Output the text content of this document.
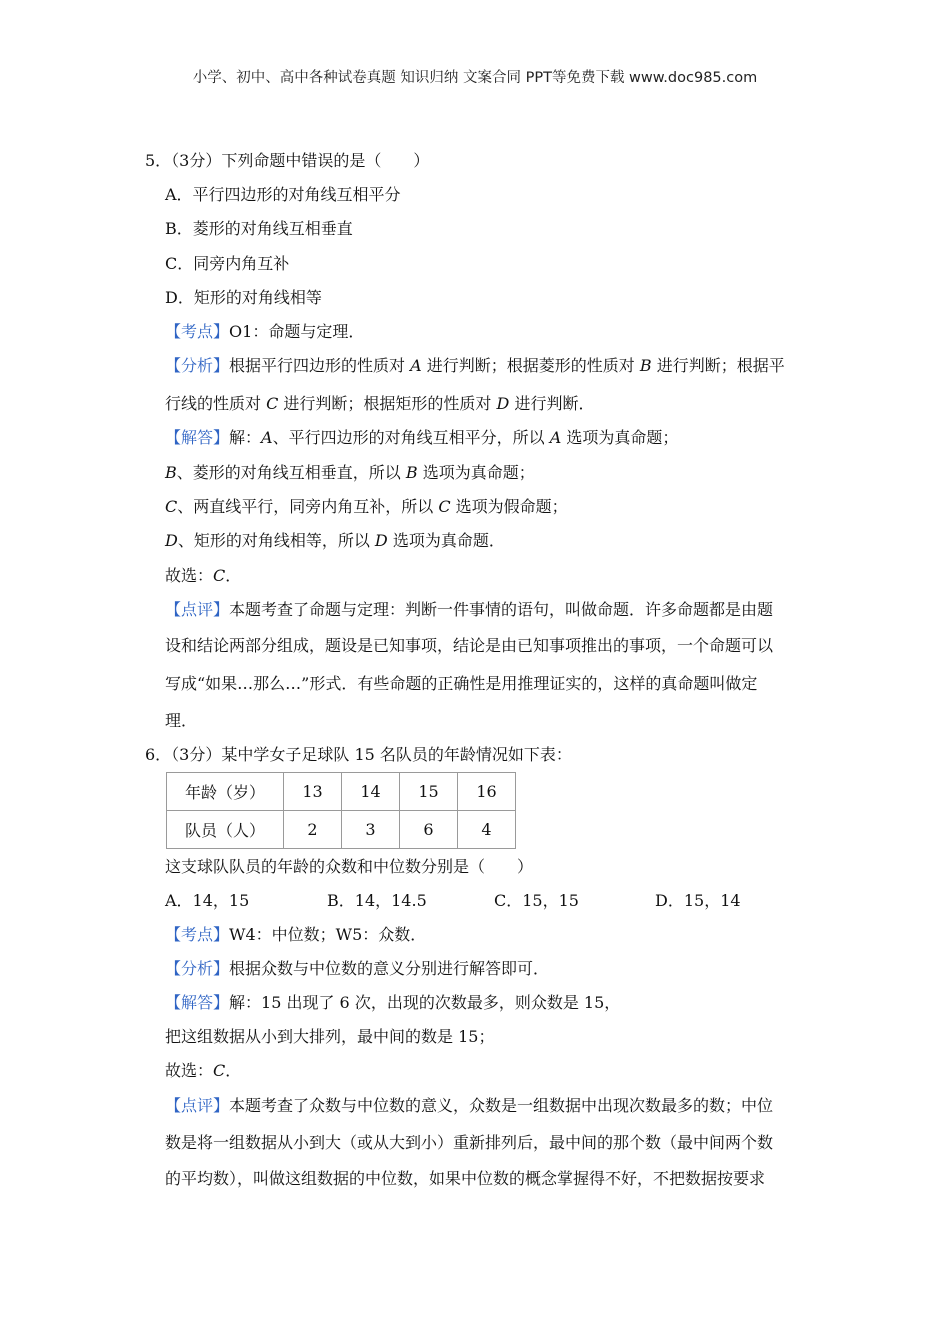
小学、初中、高中各种试卷真题 知识归纳 文案合同 PPT等免费下载 www.doc985.com
5．（3分）下列命题中错误的是（　　）
A．平行四边形的对角线互相平分
B．菱形的对角线互相垂直
C．同旁内角互补
D．矩形的对角线相等
【考点】O1：命题与定理．
【分析】根据平行四边形的性质对 A 进行判断；根据菱形的性质对 B 进行判断；根据平
行线的性质对 C 进行判断；根据矩形的性质对 D 进行判断．
【解答】解：A、平行四边形的对角线互相平分，所以 A 选项为真命题；
B、菱形的对角线互相垂直，所以 B 选项为真命题；
C、两直线平行，同旁内角互补，所以 C 选项为假命题；
D、矩形的对角线相等，所以 D 选项为真命题．
故选：C．
【点评】本题考查了命题与定理：判断一件事情的语句，叫做命题．许多命题都是由题
设和结论两部分组成，题设是已知事项，结论是由已知事项推出的事项，一个命题可以
写成“如果…那么…”形式．有些命题的正确性是用推理证实的，这样的真命题叫做定
理．
6．（3分）某中学女子足球队 15 名队员的年龄情况如下表：
年龄（岁）	13	14	15	16
队员（人）	2	3	6	4
这支球队队员的年龄的众数和中位数分别是（　　）
A．14，15	B．14，14.5	C．15，15	D．15，14
【考点】W4：中位数；W5：众数．
【分析】根据众数与中位数的意义分别进行解答即可．
【解答】解：15 出现了 6 次，出现的次数最多，则众数是 15，
把这组数据从小到大排列，最中间的数是 15；
故选：C．
【点评】本题考查了众数与中位数的意义，众数是一组数据中出现次数最多的数；中位
数是将一组数据从小到大（或从大到小）重新排列后，最中间的那个数（最中间两个数
的平均数），叫做这组数据的中位数，如果中位数的概念掌握得不好，不把数据按要求
